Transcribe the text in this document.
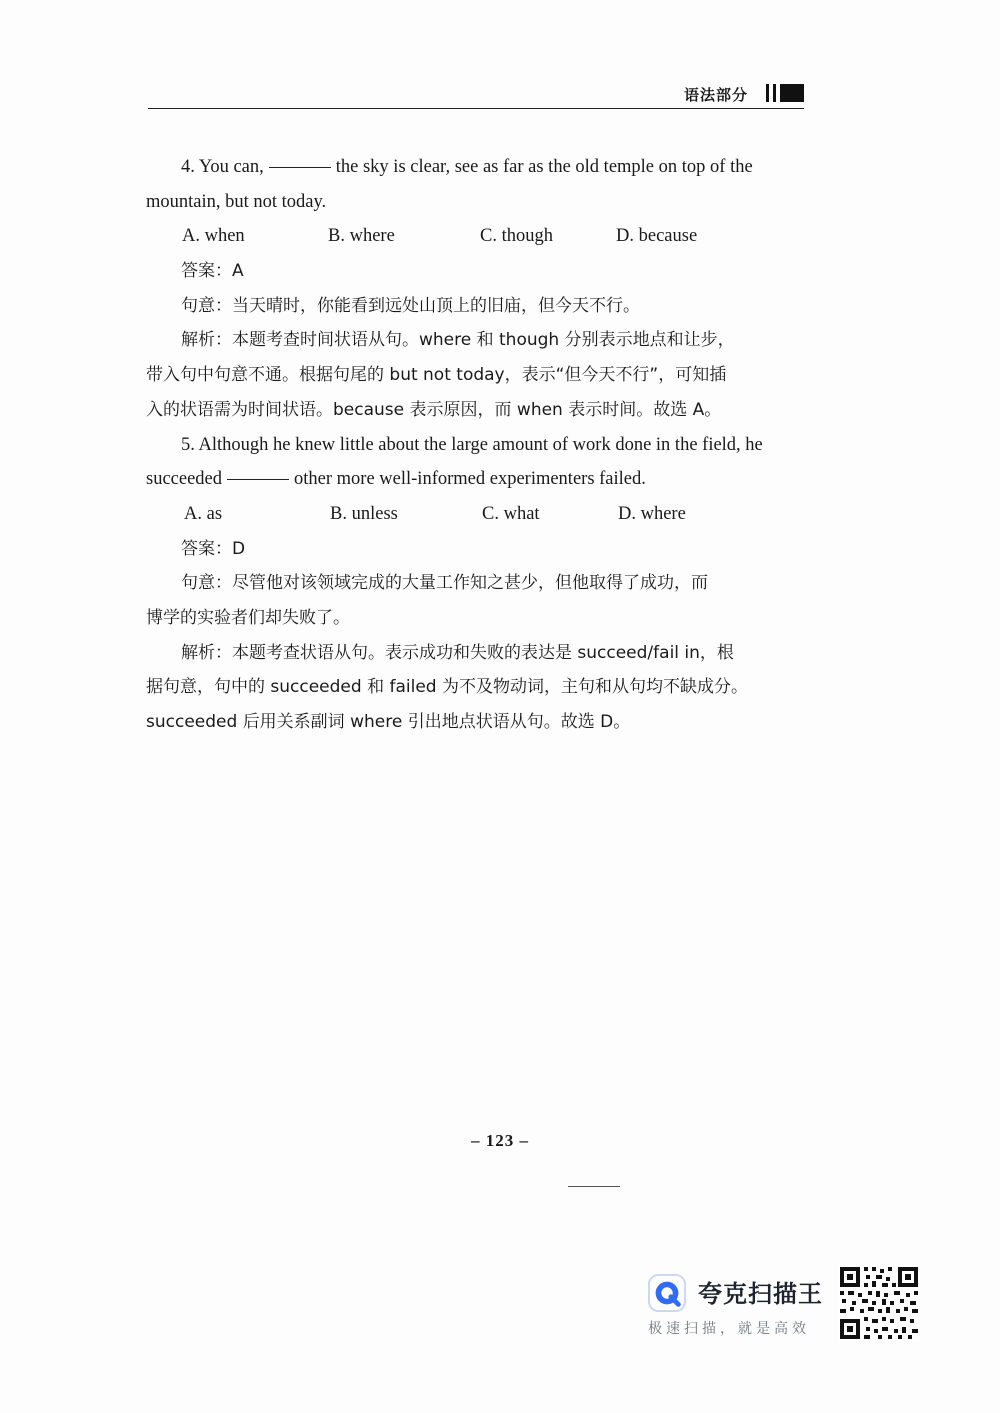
语法部分
4. You can,	the sky is clear, see as far as the old temple on top of the
mountain, but not today.
A. when	B. where	C. though	D. because
答案：A
句意：当天晴时，你能看到远处山顶上的旧庙，但今天不行。
解析：本题考查时间状语从句。where 和 though 分别表示地点和让步，
带入句中句意不通。根据句尾的 but not today，表示“但今天不行”，可知插
入的状语需为时间状语。because 表示原因，而 when 表示时间。故选 A。
5. Although he knew little about the large amount of work done in the field, he
succeeded	other more well-informed experimenters failed.
A. as	B. unless	C. what	D. where
答案：D
句意：尽管他对该领域完成的大量工作知之甚少，但他取得了成功，而
博学的实验者们却失败了。
解析：本题考查状语从句。表示成功和失败的表达是 succeed/fail in，根
据句意，句中的 succeeded 和 failed 为不及物动词，主句和从句均不缺成分。
succeeded 后用关系副词 where 引出地点状语从句。故选 D。
– 123 –
夸克扫描王
极速扫描，就是高效
